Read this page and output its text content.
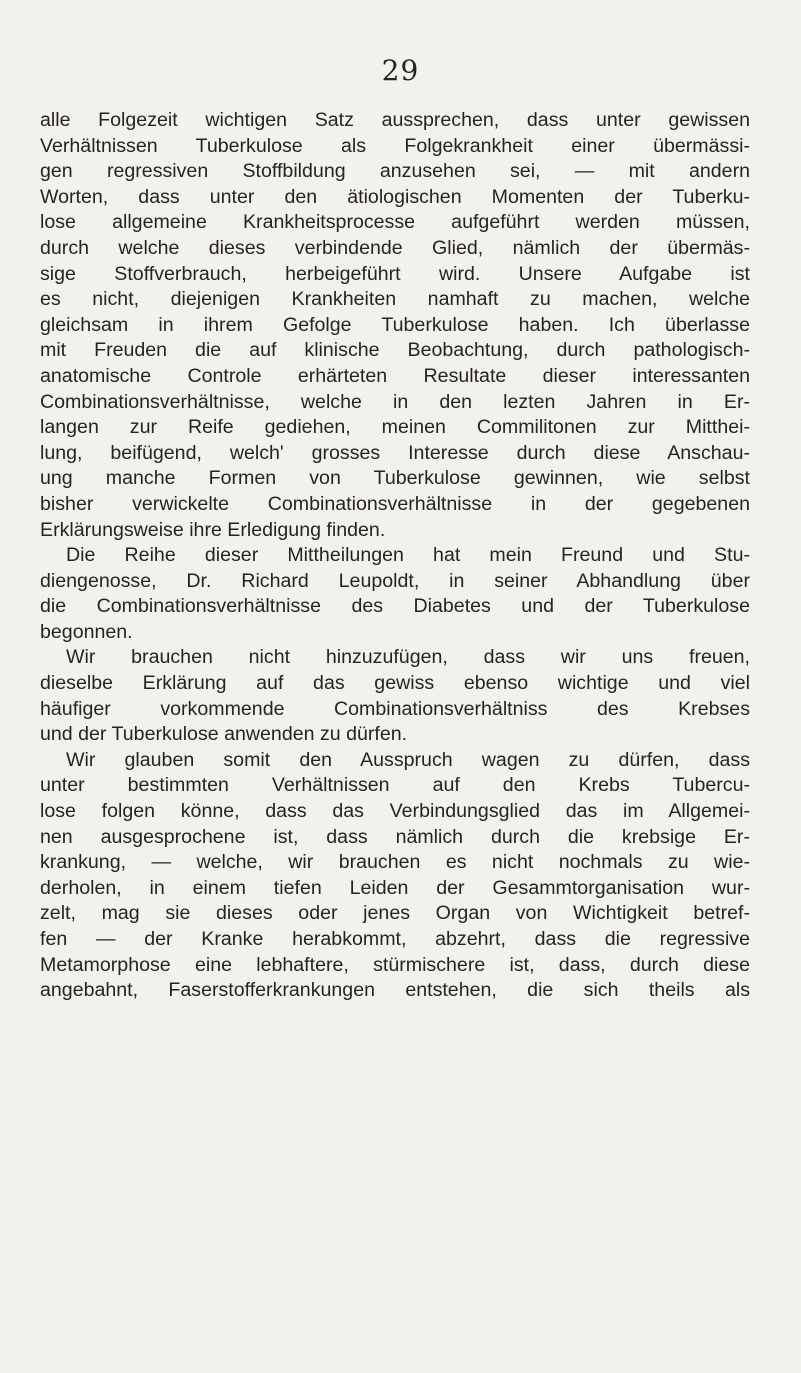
29
alle Folgezeit wichtigen Satz aussprechen, dass unter gewissen
Verhältnissen Tuberkulose als Folgekrankheit einer übermässi-
gen regressiven Stoffbildung anzusehen sei, — mit andern
Worten, dass unter den ätiologischen Momenten der Tuberku-
lose allgemeine Krankheitsprocesse aufgeführt werden müssen,
durch welche dieses verbindende Glied, nämlich der übermäs-
sige Stoffverbrauch, herbeigeführt wird. Unsere Aufgabe ist
es nicht, diejenigen Krankheiten namhaft zu machen, welche
gleichsam in ihrem Gefolge Tuberkulose haben. Ich überlasse
mit Freuden die auf klinische Beobachtung, durch pathologisch-
anatomische Controle erhärteten Resultate dieser interessanten
Combinationsverhältnisse, welche in den lezten Jahren in Er-
langen zur Reife gediehen, meinen Commilitonen zur Mitthei-
lung, beifügend, welch' grosses Interesse durch diese Anschau-
ung manche Formen von Tuberkulose gewinnen, wie selbst
bisher verwickelte Combinationsverhältnisse in der gegebenen
Erklärungsweise ihre Erledigung finden.
Die Reihe dieser Mittheilungen hat mein Freund und Stu-
diengenosse, Dr. Richard Leupoldt, in seiner Abhandlung über
die Combinationsverhältnisse des Diabetes und der Tuberkulose
begonnen.
Wir brauchen nicht hinzuzufügen, dass wir uns freuen,
dieselbe Erklärung auf das gewiss ebenso wichtige und viel
häufiger vorkommende Combinationsverhältniss des Krebses
und der Tuberkulose anwenden zu dürfen.
Wir glauben somit den Ausspruch wagen zu dürfen, dass
unter bestimmten Verhältnissen auf den Krebs Tubercu-
lose folgen könne, dass das Verbindungsglied das im Allgemei-
nen ausgesprochene ist, dass nämlich durch die krebsige Er-
krankung, — welche, wir brauchen es nicht nochmals zu wie-
derholen, in einem tiefen Leiden der Gesammtorganisation wur-
zelt, mag sie dieses oder jenes Organ von Wichtigkeit betref-
fen — der Kranke herabkommt, abzehrt, dass die regressive
Metamorphose eine lebhaftere, stürmischere ist, dass, durch diese
angebahnt, Faserstofferkrankungen entstehen, die sich theils als
